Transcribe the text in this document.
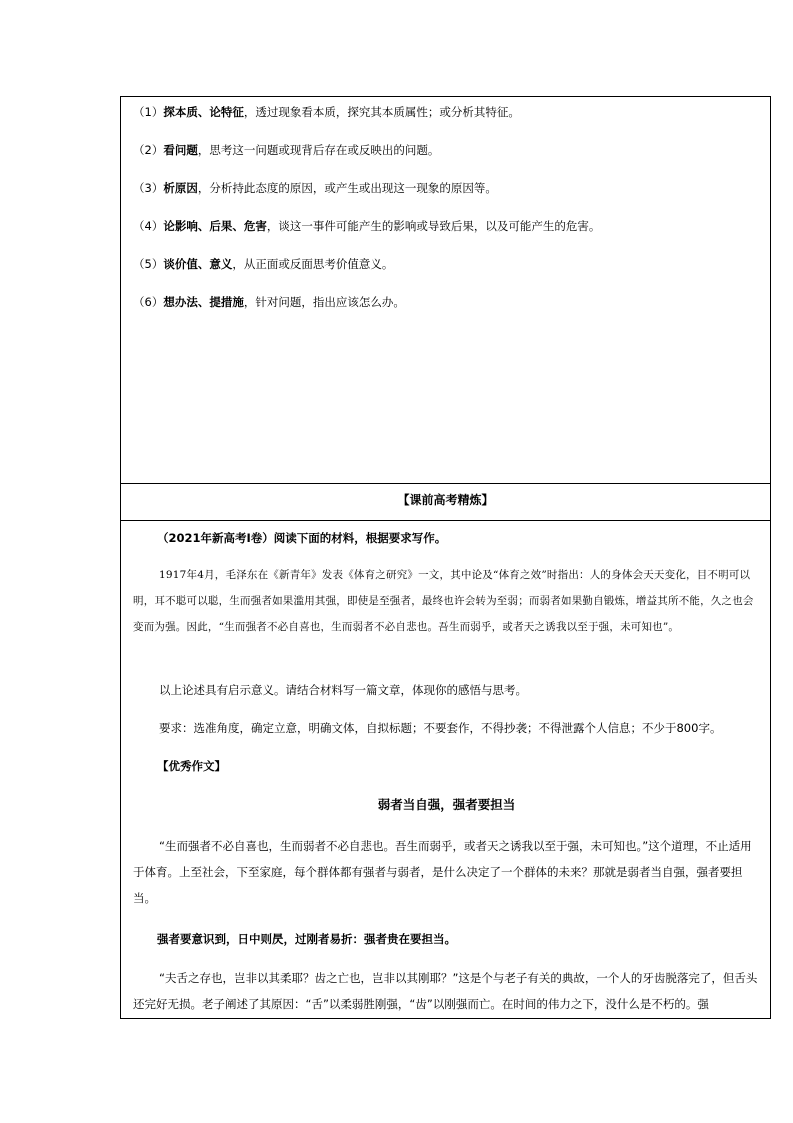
（1）探本质、论特征，透过现象看本质，探究其本质属性；或分析其特征。

（2）看问题，思考这一问题或现背后存在或反映出的问题。

（3）析原因，分析持此态度的原因，或产生或出现这一现象的原因等。

（4）论影响、后果、危害，谈这一事件可能产生的影响或导致后果，以及可能产生的危害。

（5）谈价值、意义，从正面或反面思考价值意义。

（6）想办法、提措施，针对问题，指出应该怎么办。

【课前高考精炼】

（2021年新高考Ⅰ卷）阅读下面的材料，根据要求写作。

1917年4月，毛泽东在《新青年》发表《体育之研究》一文，其中论及“体育之效”时指出：人的身体会天天变化，目不明可以明，耳不聪可以聪，生而强者如果滥用其强，即使是至强者，最终也许会转为至弱；而弱者如果勤自锻炼，增益其所不能，久之也会变而为强。因此，“生而强者不必自喜也，生而弱者不必自悲也。吾生而弱乎，或者天之诱我以至于强，未可知也”。

以上论述具有启示意义。请结合材料写一篇文章，体现你的感悟与思考。

要求：选准角度，确定立意，明确文体，自拟标题；不要套作，不得抄袭；不得泄露个人信息；不少于800字。

【优秀作文】

弱者当自强，强者要担当

“生而强者不必自喜也，生而弱者不必自悲也。吾生而弱乎，或者天之诱我以至于强，未可知也。”这个道理，不止适用于体育。上至社会，下至家庭，每个群体都有强者与弱者，是什么决定了一个群体的未来？那就是弱者当自强，强者要担当。

强者要意识到，日中则昃，过刚者易折：强者贵在要担当。

“夫舌之存也，岂非以其柔耶？齿之亡也，岂非以其刚耶？”这是个与老子有关的典故，一个人的牙齿脱落完了，但舌头还完好无损。老子阐述了其原因：“舌”以柔弱胜刚强，“齿”以刚强而亡。在时间的伟力之下，没什么是不朽的。强
